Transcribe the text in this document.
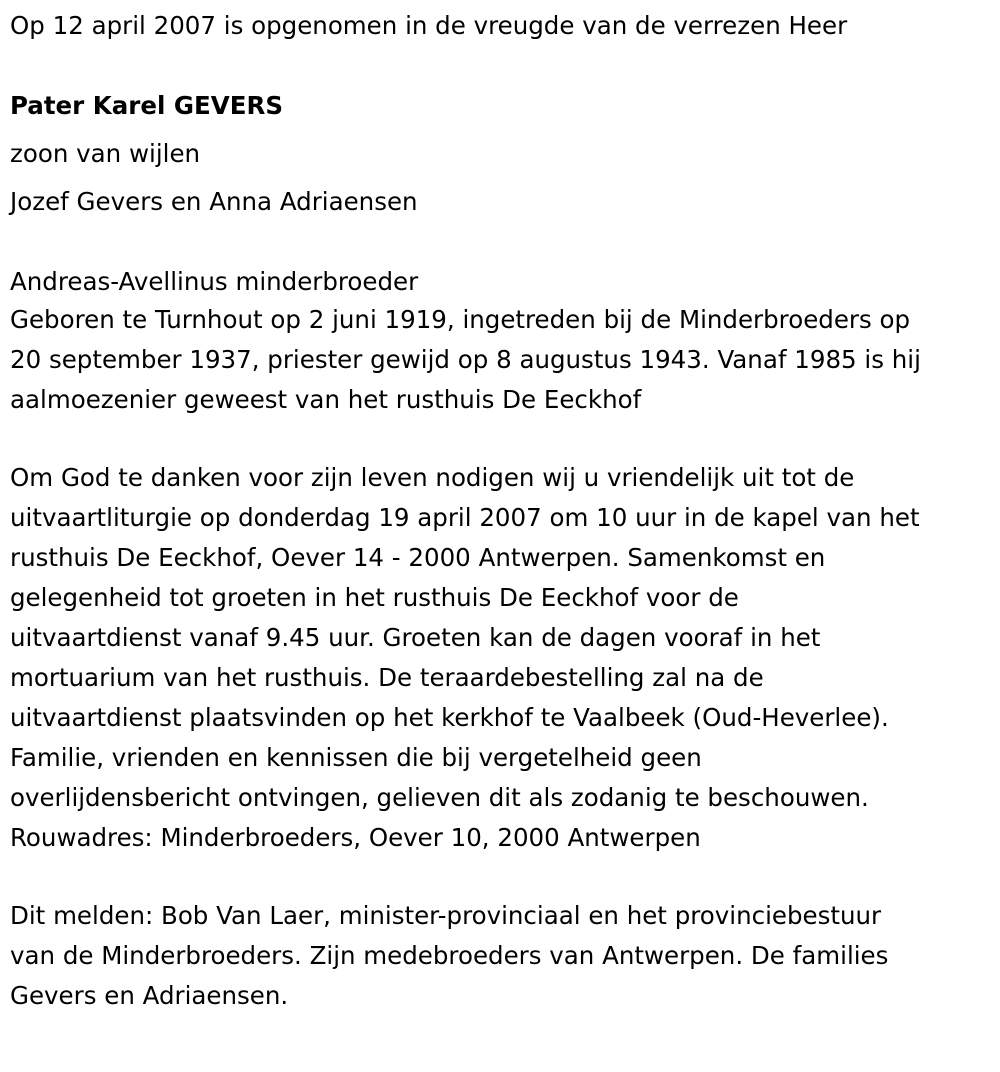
Op 12 april 2007 is opgenomen in de vreugde van de verrezen Heer

Pater Karel GEVERS

zoon van wijlen

Jozef Gevers en Anna Adriaensen

Andreas-Avellinus minderbroeder

Geboren te Turnhout op 2 juni 1919, ingetreden bij de Minderbroeders op
20 september 1937, priester gewijd op 8 augustus 1943. Vanaf 1985 is hij
aalmoezenier geweest van het rusthuis De Eeckhof
Om God te danken voor zijn leven nodigen wij u vriendelijk uit tot de
uitvaartliturgie op donderdag 19 april 2007 om 10 uur in de kapel van het
rusthuis De Eeckhof, Oever 14 - 2000 Antwerpen. Samenkomst en
gelegenheid tot groeten in het rusthuis De Eeckhof voor de
uitvaartdienst vanaf 9.45 uur. Groeten kan de dagen vooraf in het
mortuarium van het rusthuis. De teraardebestelling zal na de
uitvaartdienst plaatsvinden op het kerkhof te Vaalbeek (Oud-Heverlee).
Familie, vrienden en kennissen die bij vergetelheid geen
overlijdensbericht ontvingen, gelieven dit als zodanig te beschouwen.
Rouwadres: Minderbroeders, Oever 10, 2000 Antwerpen
Dit melden: Bob Van Laer, minister-provinciaal en het provinciebestuur
van de Minderbroeders. Zijn medebroeders van Antwerpen. De families
Gevers en Adriaensen.
